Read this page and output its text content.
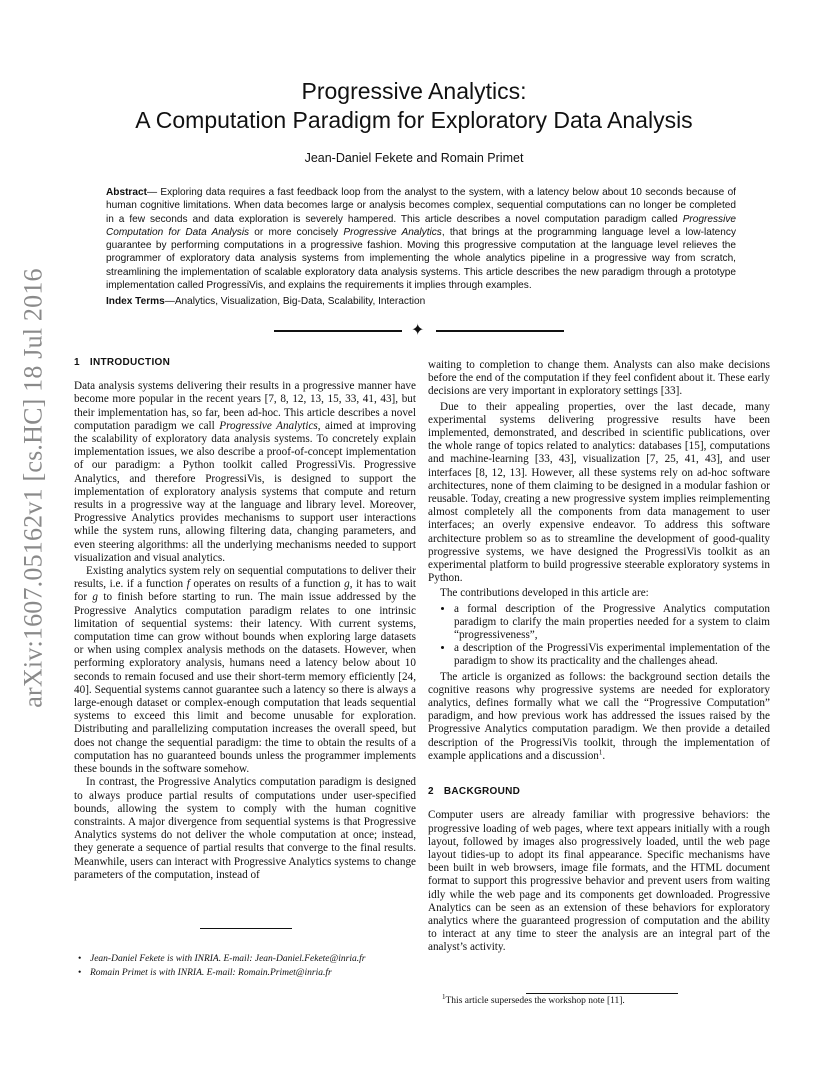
arXiv:1607.05162v1 [cs.HC] 18 Jul 2016
Progressive Analytics:
A Computation Paradigm for Exploratory Data Analysis
Jean-Daniel Fekete and Romain Primet
Abstract— Exploring data requires a fast feedback loop from the analyst to the system, with a latency below about 10 seconds because of human cognitive limitations. When data becomes large or analysis becomes complex, sequential computations can no longer be completed in a few seconds and data exploration is severely hampered. This article describes a novel computation paradigm called Progressive Computation for Data Analysis or more concisely Progressive Analytics, that brings at the programming language level a low-latency guarantee by performing computations in a progressive fashion. Moving this progressive computation at the language level relieves the programmer of exploratory data analysis systems from implementing the whole analytics pipeline in a progressive way from scratch, streamlining the implementation of scalable exploratory data analysis systems. This article describes the new paradigm through a prototype implementation called ProgressiVis, and explains the requirements it implies through examples.
Index Terms—Analytics, Visualization, Big-Data, Scalability, Interaction
✦
1 INTRODUCTION

Data analysis systems delivering their results in a progressive manner have become more popular in the recent years [7, 8, 12, 13, 15, 33, 41, 43], but their implementation has, so far, been ad-hoc. This article describes a novel computation paradigm we call Progressive Analytics, aimed at improving the scalability of exploratory data analysis systems. To concretely explain implementation issues, we also describe a proof-of-concept implementation of our paradigm: a Python toolkit called ProgressiVis. Progressive Analytics, and therefore ProgressiVis, is designed to support the implementation of exploratory analysis systems that compute and return results in a progressive way at the language and library level. Moreover, Progressive Analytics provides mechanisms to support user interactions while the system runs, allowing filtering data, changing parameters, and even steering algorithms: all the underlying mechanisms needed to support visualization and visual analytics.

Existing analytics system rely on sequential computations to deliver their results, i.e. if a function f operates on results of a function g, it has to wait for g to finish before starting to run. The main issue addressed by the Progressive Analytics computation paradigm relates to one intrinsic limitation of sequential systems: their latency. With current systems, computation time can grow without bounds when exploring large datasets or when using complex analysis methods on the datasets. However, when performing exploratory analysis, humans need a latency below about 10 seconds to remain focused and use their short-term memory efficiently [24, 40]. Sequential systems cannot guarantee such a latency so there is always a large-enough dataset or complex-enough computation that leads sequential systems to exceed this limit and become unusable for exploration. Distributing and parallelizing computation increases the overall speed, but does not change the sequential paradigm: the time to obtain the results of a computation has no guaranteed bounds unless the programmer implements these bounds in the software somehow.

In contrast, the Progressive Analytics computation paradigm is designed to always produce partial results of computations under user-specified bounds, allowing the system to comply with the human cognitive constraints. A major divergence from sequential systems is that Progressive Analytics systems do not deliver the whole computation at once; instead, they generate a sequence of partial results that converge to the final results. Meanwhile, users can interact with Progressive Analytics systems to change parameters of the computation, instead of

waiting to completion to change them. Analysts can also make decisions before the end of the computation if they feel confident about it. These early decisions are very important in exploratory settings [33].

Due to their appealing properties, over the last decade, many experimental systems delivering progressive results have been implemented, demonstrated, and described in scientific publications, over the whole range of topics related to analytics: databases [15], computations and machine-learning [33, 43], visualization [7, 25, 41, 43], and user interfaces [8, 12, 13]. However, all these systems rely on ad-hoc software architectures, none of them claiming to be designed in a modular fashion or reusable. Today, creating a new progressive system implies reimplementing almost completely all the components from data management to user interfaces; an overly expensive endeavor. To address this software architecture problem so as to streamline the development of good-quality progressive systems, we have designed the ProgressiVis toolkit as an experimental platform to build progressive steerable exploratory systems in Python.

The contributions developed in this article are:

• a formal description of the Progressive Analytics computation paradigm to clarify the main properties needed for a system to claim “progressiveness”,
• a description of the ProgressiVis experimental implementation of the paradigm to show its practicality and the challenges ahead.

The article is organized as follows: the background section details the cognitive reasons why progressive systems are needed for exploratory analytics, defines formally what we call the “Progressive Computation” paradigm, and how previous work has addressed the issues raised by the Progressive Analytics computation paradigm. We then provide a detailed description of the ProgressiVis toolkit, through the implementation of example applications and a discussion$^1$.

2 BACKGROUND

Computer users are already familiar with progressive behaviors: the progressive loading of web pages, where text appears initially with a rough layout, followed by images also progressively loaded, until the web page layout tidies-up to adopt its final appearance. Specific mechanisms have been built in web browsers, image file formats, and the HTML document format to support this progressive behavior and prevent users from waiting idly while the web page and its components get downloaded. Progressive Analytics can be seen as an extension of these behaviors for exploratory analytics where the guaranteed progression of computation and the ability to interact at any time to steer the analysis are an integral part of the analyst’s activity.

• Jean-Daniel Fekete is with INRIA. E-mail: Jean-Daniel.Fekete@inria.fr
• Romain Primet is with INRIA. E-mail: Romain.Primet@inria.fr
$^1$This article supersedes the workshop note [11].
